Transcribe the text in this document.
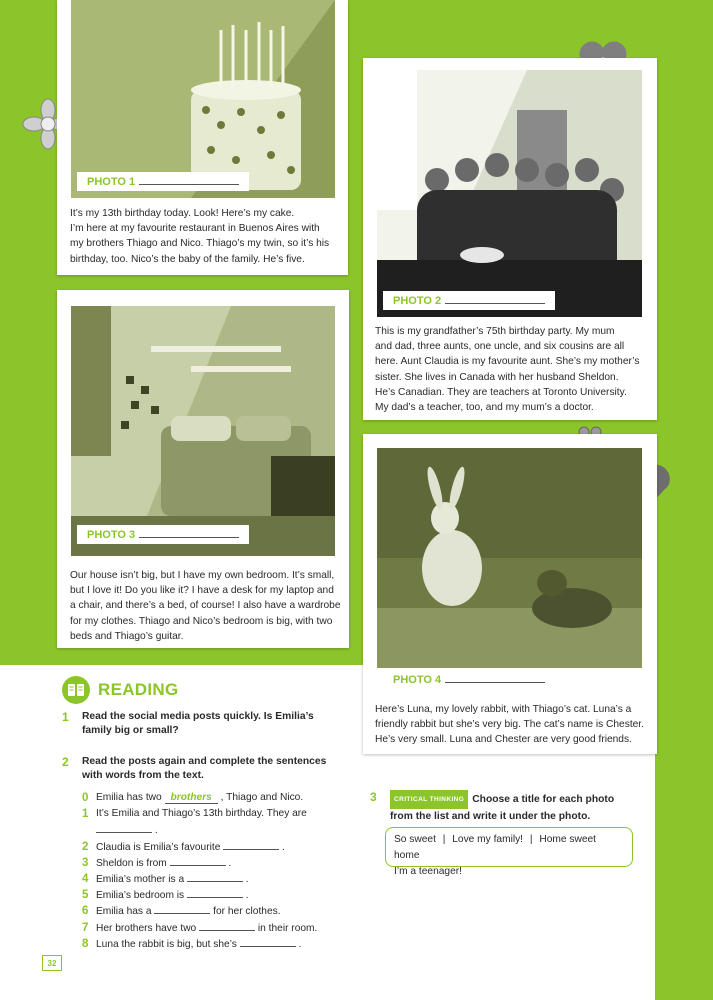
PHOTO 1
It’s my 13th birthday today. Look! Here’s my cake.
I’m here at my favourite restaurant in Buenos Aires with
my brothers Thiago and Nico. Thiago’s my twin, so it’s his
birthday, too. Nico’s the baby of the family. He’s five.
PHOTO 2
This is my grandfather’s 75th birthday party. My mum
and dad, three aunts, one uncle, and six cousins are all
here. Aunt Claudia is my favourite aunt. She’s my mother’s
sister. She lives in Canada with her husband Sheldon.
He’s Canadian. They are teachers at Toronto University.
My dad’s a teacher, too, and my mum’s a doctor.
PHOTO 3
Our house isn’t big, but I have my own bedroom. It’s small,
but I love it! Do you like it? I have a desk for my laptop and
a chair, and there’s a bed, of course! I also have a wardrobe
for my clothes. Thiago and Nico’s bedroom is big, with two
beds and Thiago’s guitar.
PHOTO 4
Here’s Luna, my lovely rabbit, with Thiago’s cat. Luna’s a
friendly rabbit but she’s very big. The cat’s name is Chester.
He’s very small. Luna and Chester are very good friends.
READING
1 Read the social media posts quickly. Is Emilia’s
family big or small?
2 Read the posts again and complete the sentences
with words from the text.
0 Emilia has two brothers , Thiago and Nico.
1 It’s Emilia and Thiago’s 13th birthday. They are
.
2 Claudia is Emilia’s favourite	.
3 Sheldon is from	.
4 Emilia’s mother is a	.
5 Emilia’s bedroom is	.
6 Emilia has a	for her clothes.
7 Her brothers have two	in their room.
8 Luna the rabbit is big, but she’s	.
3	CRITICAL THINKING Choose a title for each photo
from the list and write it under the photo.
So sweet | Love my family! | Home sweet home
I’m a teenager!
32
